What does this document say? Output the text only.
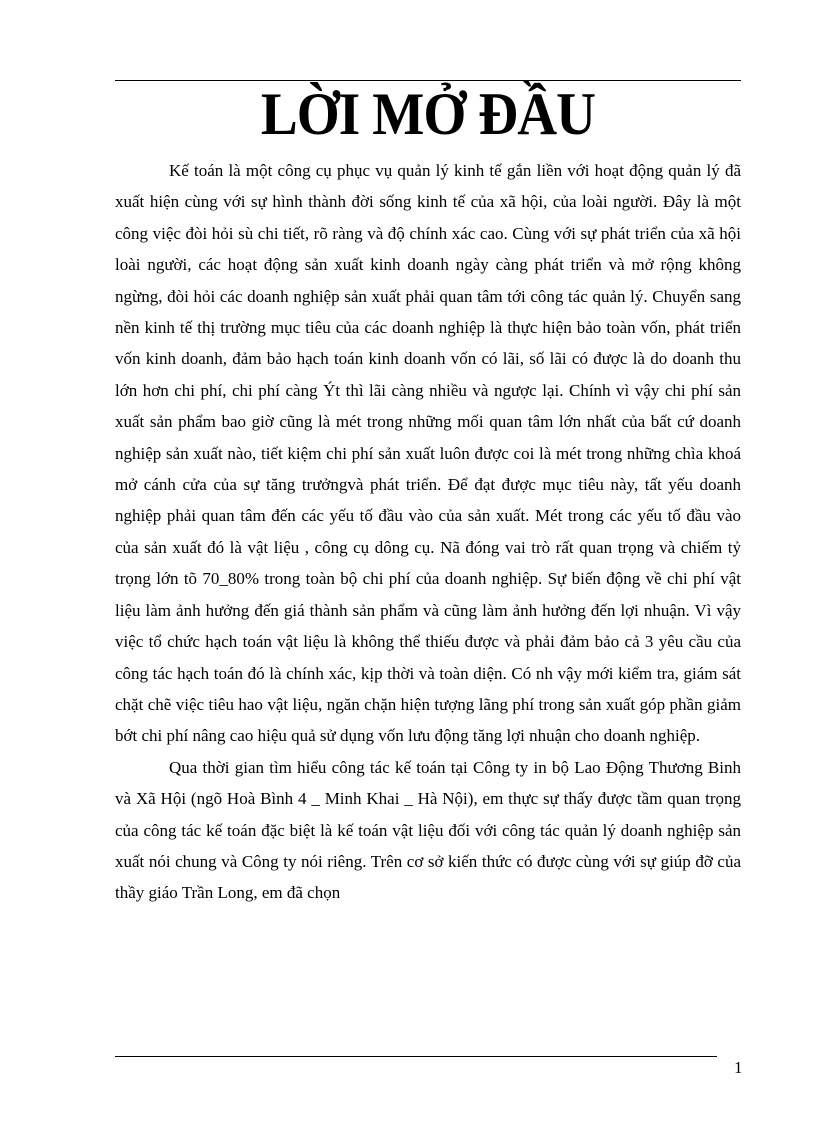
LỜI MỞ ĐẦU

Kế toán là một công cụ phục vụ quản lý kinh tế gắn liền với hoạt động quản lý đã xuất hiện cùng với sự hình thành đời sống kinh tế của xã hội, của loài người. Đây là một công việc đòi hỏi sù chi tiết, rõ ràng và độ chính xác cao. Cùng với sự phát triển của xã hội loài người, các hoạt động sản xuất kinh doanh ngày càng phát triển và mở rộng không ngừng, đòi hỏi các doanh nghiệp sản xuất phải quan tâm tới công tác quản lý. Chuyển sang nền kinh tế thị trường mục tiêu của các doanh nghiệp là thực hiện bảo toàn vốn, phát triển vốn kinh doanh, đảm bảo hạch toán kinh doanh vốn có lãi, số lãi có được là do doanh thu lớn hơn chi phí, chi phí càng Ýt thì lãi càng nhiều và ngược lại. Chính vì vậy chi phí sản xuất sản phẩm bao giờ cũng là mét trong những mối quan tâm lớn nhất của bất cứ doanh nghiệp sản xuất nào, tiết kiệm chi phí sản xuất luôn được coi là mét trong những chìa khoá mở cánh cửa của sự tăng trưởngvà phát triển. Để đạt được mục tiêu này, tất yếu doanh nghiệp phải quan tâm đến các yếu tố đầu vào của sản xuất. Mét trong các yếu tố đầu vào của sản xuất đó là vật liệu , công cụ dông cụ. Nã đóng vai trò rất quan trọng và chiếm tỷ trọng lớn tõ 70_80% trong toàn bộ chi phí của doanh nghiệp. Sự biến động về chi phí vật liệu làm ảnh hưởng đến giá thành sản phẩm và cũng làm ảnh hưởng đến lợi nhuận. Vì vậy việc tổ chức hạch toán vật liệu là không thể thiếu được và phải đảm bảo cả 3 yêu cầu của công tác hạch toán đó là chính xác, kịp thời và toàn diện. Có nh vậy mới kiểm tra, giám sát chặt chẽ việc tiêu hao vật liệu, ngăn chặn hiện tượng lãng phí trong sản xuất góp phần giảm bớt chi phí nâng cao hiệu quả sử dụng vốn lưu động tăng lợi nhuận cho doanh nghiệp.

Qua thời gian tìm hiểu công tác kế toán tại Công ty in bộ Lao Động Thương Binh và Xã Hội (ngõ Hoà Bình 4 _ Minh Khai _ Hà Nội), em thực sự thấy được tầm quan trọng của công tác kế toán đặc biệt là kế toán vật liệu đối với công tác quản lý doanh nghiệp sản xuất nói chung và Công ty nói riêng. Trên cơ sở kiến thức có được cùng với sự giúp đỡ của thầy giáo Trần Long, em đã chọn

1
